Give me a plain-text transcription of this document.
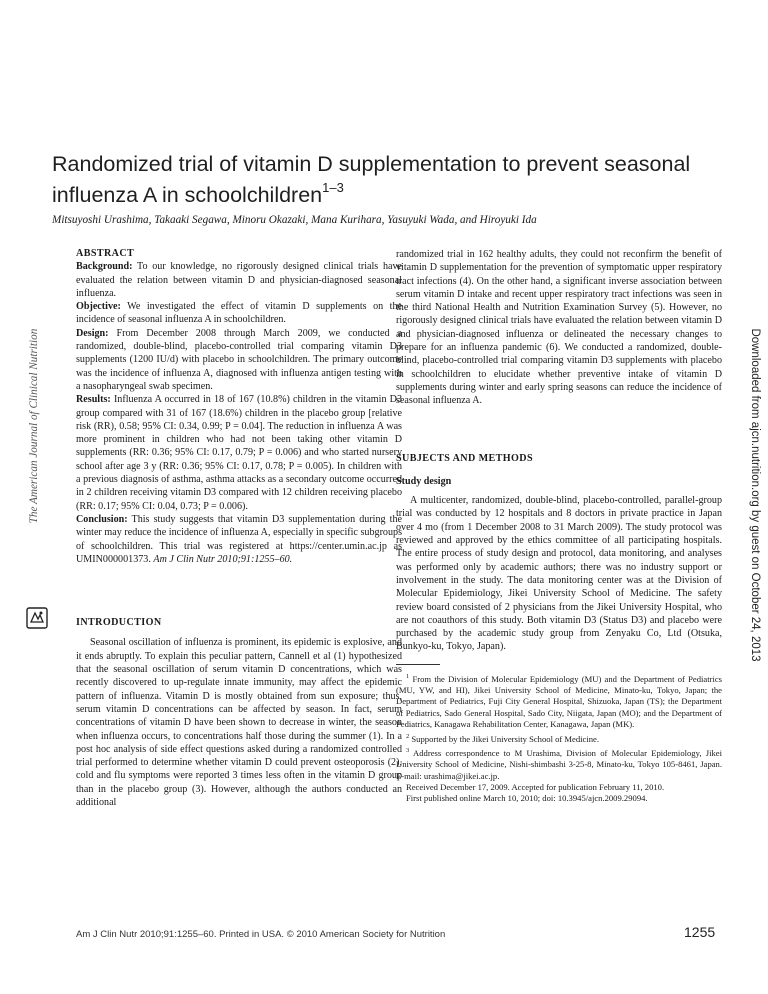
Randomized trial of vitamin D supplementation to prevent seasonal
influenza A in schoolchildren$^{1-3}$
Mitsuyoshi Urashima, Takaaki Segawa, Minoru Okazaki, Mana Kurihara, Yasuyuki Wada, and Hiroyuki Ida
The American Journal of Clinical Nutrition	Downloaded from ajcn.nutrition.org by guest on October 24, 2013
ABSTRACT

Background: To our knowledge, no rigorously designed clinical trials have evaluated the relation between vitamin D and physician-diagnosed seasonal influenza.

Objective: We investigated the effect of vitamin D supplements on the incidence of seasonal influenza A in schoolchildren.

Design: From December 2008 through March 2009, we conducted a randomized, double-blind, placebo-controlled trial comparing vitamin D3 supplements (1200 IU/d) with placebo in schoolchildren. The primary outcome was the incidence of influenza A, diagnosed with influenza antigen testing with a nasopharyngeal swab specimen.

Results: Influenza A occurred in 18 of 167 (10.8%) children in the vitamin D3 group compared with 31 of 167 (18.6%) children in the placebo group [relative risk (RR), 0.58; 95% CI: 0.34, 0.99; P = 0.04]. The reduction in influenza A was more prominent in children who had not been taking other vitamin D supplements (RR: 0.36; 95% CI: 0.17, 0.79; P = 0.006) and who started nursery school after age 3 y (RR: 0.36; 95% CI: 0.17, 0.78; P = 0.005). In children with a previous diagnosis of asthma, asthma attacks as a secondary outcome occurred in 2 children receiving vitamin D3 compared with 12 children receiving placebo (RR: 0.17; 95% CI: 0.04, 0.73; P = 0.006).

Conclusion: This study suggests that vitamin D3 supplementation during the winter may reduce the incidence of influenza A, especially in specific subgroups of schoolchildren. This trial was registered at https://center.umin.ac.jp as UMIN000001373. Am J Clin Nutr 2010;91:1255–60.

INTRODUCTION

Seasonal oscillation of influenza is prominent, its epidemic is explosive, and it ends abruptly. To explain this peculiar pattern, Cannell et al (1) hypothesized that the seasonal oscillation of serum vitamin D concentrations, which was recently discovered to up-regulate innate immunity, may affect the epidemic pattern of influenza. Vitamin D is mostly obtained from sun exposure; thus, serum vitamin D concentrations can be affected by season. In fact, serum concentrations of vitamin D have been shown to decrease in winter, the season when influenza occurs, to concentrations half those during the summer (1). In a post hoc analysis of side effect questions asked during a randomized controlled trial performed to determine whether vitamin D could prevent osteoporosis (2), cold and flu symptoms were reported 3 times less often in the vitamin D group than in the placebo group (3). However, although the authors conducted an additional

randomized trial in 162 healthy adults, they could not reconfirm the benefit of vitamin D supplementation for the prevention of symptomatic upper respiratory tract infections (4). On the other hand, a significant inverse association between serum vitamin D intake and recent upper respiratory tract infections was seen in the third National Health and Nutrition Examination Survey (5). However, no rigorously designed clinical trials have evaluated the relation between vitamin D and physician-diagnosed influenza or delineated the necessary changes to prepare for an influenza pandemic (6). We conducted a randomized, double-blind, placebo-controlled trial comparing vitamin D3 supplements with placebo in schoolchildren to elucidate whether preventive intake of vitamin D supplements during winter and early spring seasons can reduce the incidence of seasonal influenza A.

SUBJECTS AND METHODS
Study design

A multicenter, randomized, double-blind, placebo-controlled, parallel-group trial was conducted by 12 hospitals and 8 doctors in private practice in Japan over 4 mo (from 1 December 2008 to 31 March 2009). The study protocol was reviewed and approved by the ethics committee of all participating hospitals. The entire process of study design and protocol, data monitoring, and analyses was performed only by academic authors; there was no industry support or involvement in the study. The data monitoring center was at the Division of Molecular Epidemiology, Jikei University School of Medicine. The safety review board consisted of 2 physicians from the Jikei University Hospital, who are not coauthors of this study. Both vitamin D3 (Status D3) and placebo were purchased by the academic study group from Zenyaku Co, Ltd (Otsuka, Bunkyo-ku, Tokyo, Japan).

$^1$ From the Division of Molecular Epidemiology (MU) and the Department of Pediatrics (MU, YW, and HI), Jikei University School of Medicine, Minato-ku, Tokyo, Japan; the Department of Pediatrics, Fuji City General Hospital, Shizuoka, Japan (TS); the Department of Pediatrics, Sado General Hospital, Sado City, Niigata, Japan (MO); and the Department of Pediatrics, Kanagawa Rehabilitation Center, Kanagawa, Japan (MK).

$^2$ Supported by the Jikei University School of Medicine.

$^3$ Address correspondence to M Urashima, Division of Molecular Epidemiology, Jikei University School of Medicine, Nishi-shimbashi 3-25-8, Minato-ku, Tokyo 105-8461, Japan. E-mail: urashima@jikei.ac.jp.

Received December 17, 2009. Accepted for publication February 11, 2010.

First published online March 10, 2010; doi: 10.3945/ajcn.2009.29094.

Am J Clin Nutr 2010;91:1255–60. Printed in USA. © 2010 American Society for Nutrition	1255
